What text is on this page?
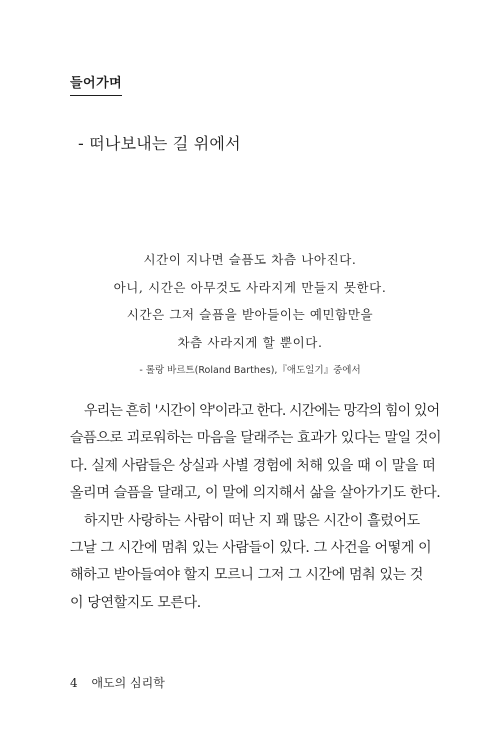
들어가며
- 떠나보내는 길 위에서
시간이 지나면 슬픔도 차츰 나아진다.
아니, 시간은 아무것도 사라지게 만들지 못한다.
시간은 그저 슬픔을 받아들이는 예민함만을
차츰 사라지게 할 뿐이다.
- 롤랑 바르트(Roland Barthes),『애도일기』중에서
우리는 흔히 '시간이 약'이라고 한다. 시간에는 망각의 힘이 있어
슬픔으로 괴로워하는 마음을 달래주는 효과가 있다는 말일 것이
다. 실제 사람들은 상실과 사별 경험에 처해 있을 때 이 말을 떠
올리며 슬픔을 달래고, 이 말에 의지해서 삶을 살아가기도 한다.
하지만 사랑하는 사람이 떠난 지 꽤 많은 시간이 흘렀어도
그날 그 시간에 멈춰 있는 사람들이 있다. 그 사건을 어떻게 이
해하고 받아들여야 할지 모르니 그저 그 시간에 멈춰 있는 것
이 당연할지도 모른다.
4 애도의 심리학
